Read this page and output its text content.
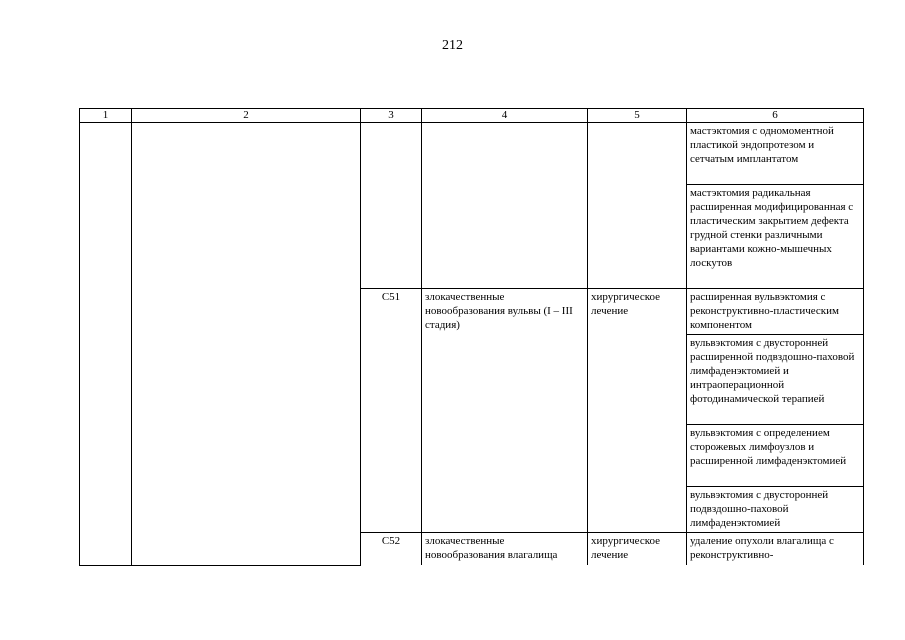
212
1	2	3	4	5	6
					мастэктомия с одномоментной пластикой эндопротезом и сетчатым имплантатом
					мастэктомия радикальная расширенная модифицированная с пластическим закрытием дефекта грудной стенки различными вариантами кожно-мышечных лоскутов
		C51	злокачественные новообразования вульвы (I – III стадия)	хирургическое лечение	расширенная вульвэктомия с реконструктивно-пластическим компонентом
					вульвэктомия с двусторонней расширенной подвздошно-паховой лимфаденэктомией и интраоперационной фотодинамической терапией
					вульвэктомия с определением сторожевых лимфоузлов и расширенной лимфаденэктомией
					вульвэктомия с двусторонней подвздошно-паховой лимфаденэктомией
		C52	злокачественные новообразования влагалища	хирургическое лечение	удаление опухоли влагалища с реконструктивно-
